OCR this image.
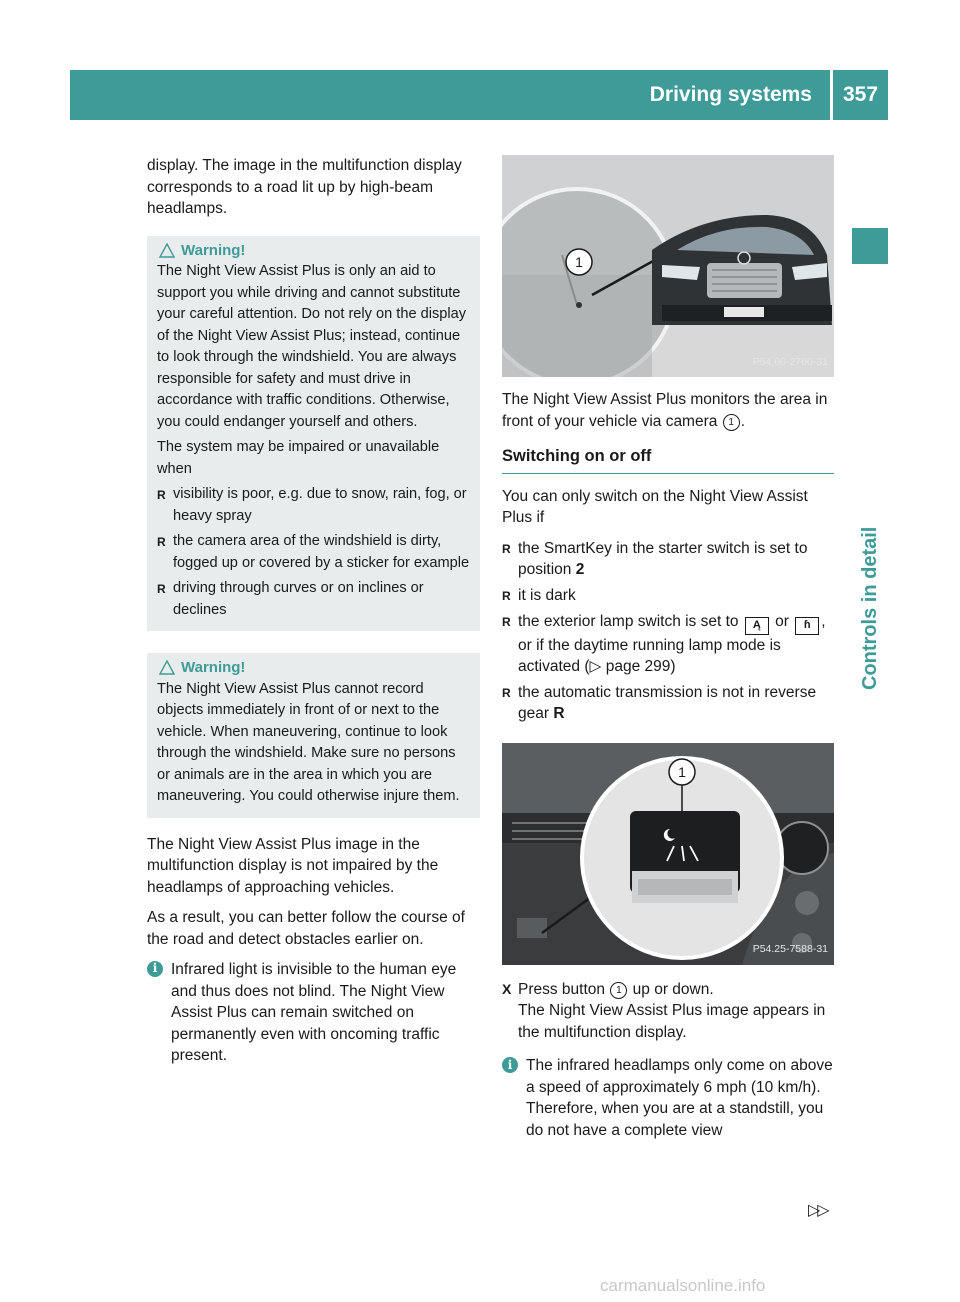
Driving systems	357
Controls in detail

display. The image in the multifunction display corresponds to a road lit up by high-beam headlamps.

Warning!

The Night View Assist Plus is only an aid to support you while driving and cannot substitute your careful attention. Do not rely on the display of the Night View Assist Plus; instead, continue to look through the windshield. You are always responsible for safety and must drive in accordance with traffic conditions. Otherwise, you could endanger yourself and others.

The system may be impaired or unavailable when

R visibility is poor, e.g. due to snow, rain, fog, or heavy spray
R the camera area of the windshield is dirty, fogged up or covered by a sticker for example
R driving through curves or on inclines or declines
Warning!

The Night View Assist Plus cannot record objects immediately in front of or next to the vehicle. When maneuvering, continue to look through the windshield. Make sure no persons or animals are in the area in which you are maneuvering. You could otherwise injure them.

The Night View Assist Plus image in the multifunction display is not impaired by the headlamps of approaching vehicles.

As a result, you can better follow the course of the road and detect obstacles earlier on.

i Infrared light is invisible to the human eye and thus does not blind. The Night View Assist Plus can remain switched on permanently even with oncoming traffic present.
1
P54.00-2760-31

The Night View Assist Plus monitors the area in front of your vehicle via camera 1 .

Switching on or off

You can only switch on the Night View Assist Plus if

R the SmartKey in the starter switch is set to position 2
R it is dark
R the exterior lamp switch is set to Ą or ɦ , or if the daytime running lamp mode is activated (▷ page 299)
R the automatic transmission is not in reverse gear R
1
P54.25-7588-31
X Press button 1 up or down.
The Night View Assist Plus image appears in the multifunction display.
i The infrared headlamps only come on above a speed of approximately 6 mph (10 km/h). Therefore, when you are at a standstill, you do not have a complete view
▷▷
carmanualsonline.info
